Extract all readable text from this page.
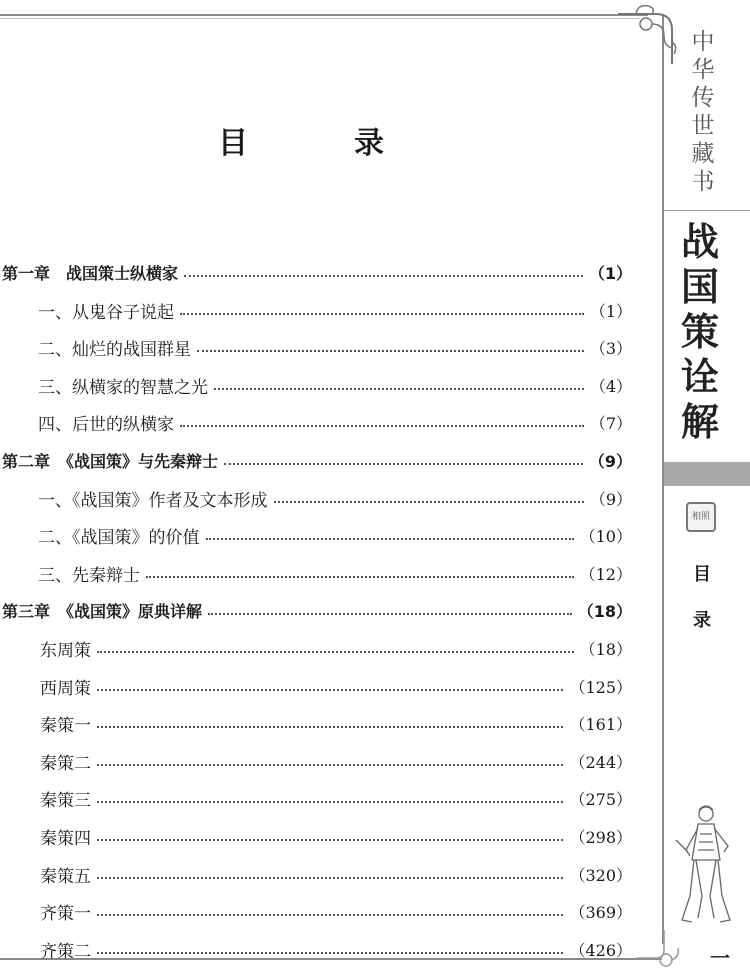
目　录
第一章　战国策士纵横家	（1）
一、从鬼谷子说起	（1）
二、灿烂的战国群星	（3）
三、纵横家的智慧之光	（4）
四、后世的纵横家	（7）
第二章　《战国策》与先秦辩士	（9）
一、《战国策》作者及文本形成	（9）
二、《战国策》的价值	（10）
三、先秦辩士	（12）
第三章　《战国策》原典详解	（18）
东周策	（18）
西周策	（125）
秦策一	（161）
秦策二	（244）
秦策三	（275）
秦策四	（298）
秦策五	（320）
齐策一	（369）
齐策二	（426）
中
华
传
世
藏
书
战
国
策
诠
解
相照
目
录
一
